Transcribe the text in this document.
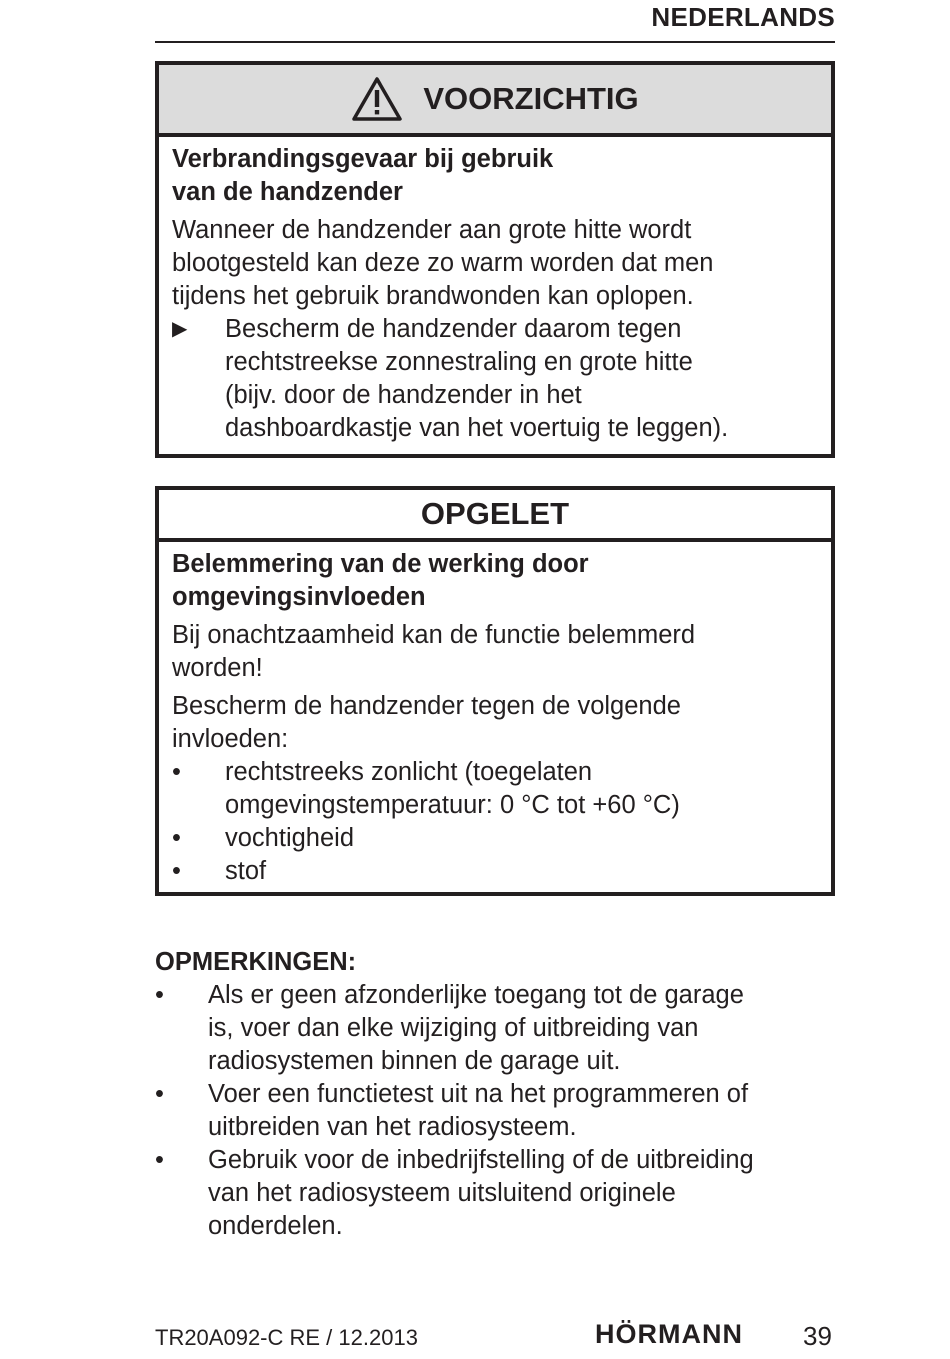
NEDERLANDS
VOORZICHTIG
Verbrandingsgevaar bij gebruik
van de handzender
Wanneer de handzender aan grote hitte wordt
blootgesteld kan deze zo warm worden dat men
tijdens het gebruik brandwonden kan oplopen.
▶	Bescherm de handzender daarom tegen
rechtstreekse zonnestraling en grote hitte
(bijv. door de handzender in het
dashboardkastje van het voertuig te leggen).
OPGELET
Belemmering van de werking door
omgevingsinvloeden
Bij onachtzaamheid kan de functie belemmerd
worden!
Bescherm de handzender tegen de volgende
invloeden:
•	rechtstreeks zonlicht (toegelaten
omgevingstemperatuur: 0 °C tot +60 °C)
•	vochtigheid
•	stof
OPMERKINGEN:
•	Als er geen afzonderlijke toegang tot de garage
is, voer dan elke wijziging of uitbreiding van
radiosystemen binnen de garage uit.
•	Voer een functietest uit na het programmeren of
uitbreiden van het radiosysteem.
•	Gebruik voor de inbedrijfstelling of de uitbreiding
van het radiosysteem uitsluitend originele
onderdelen.
TR20A092-C RE / 12.2013	HÖRMANN 39
